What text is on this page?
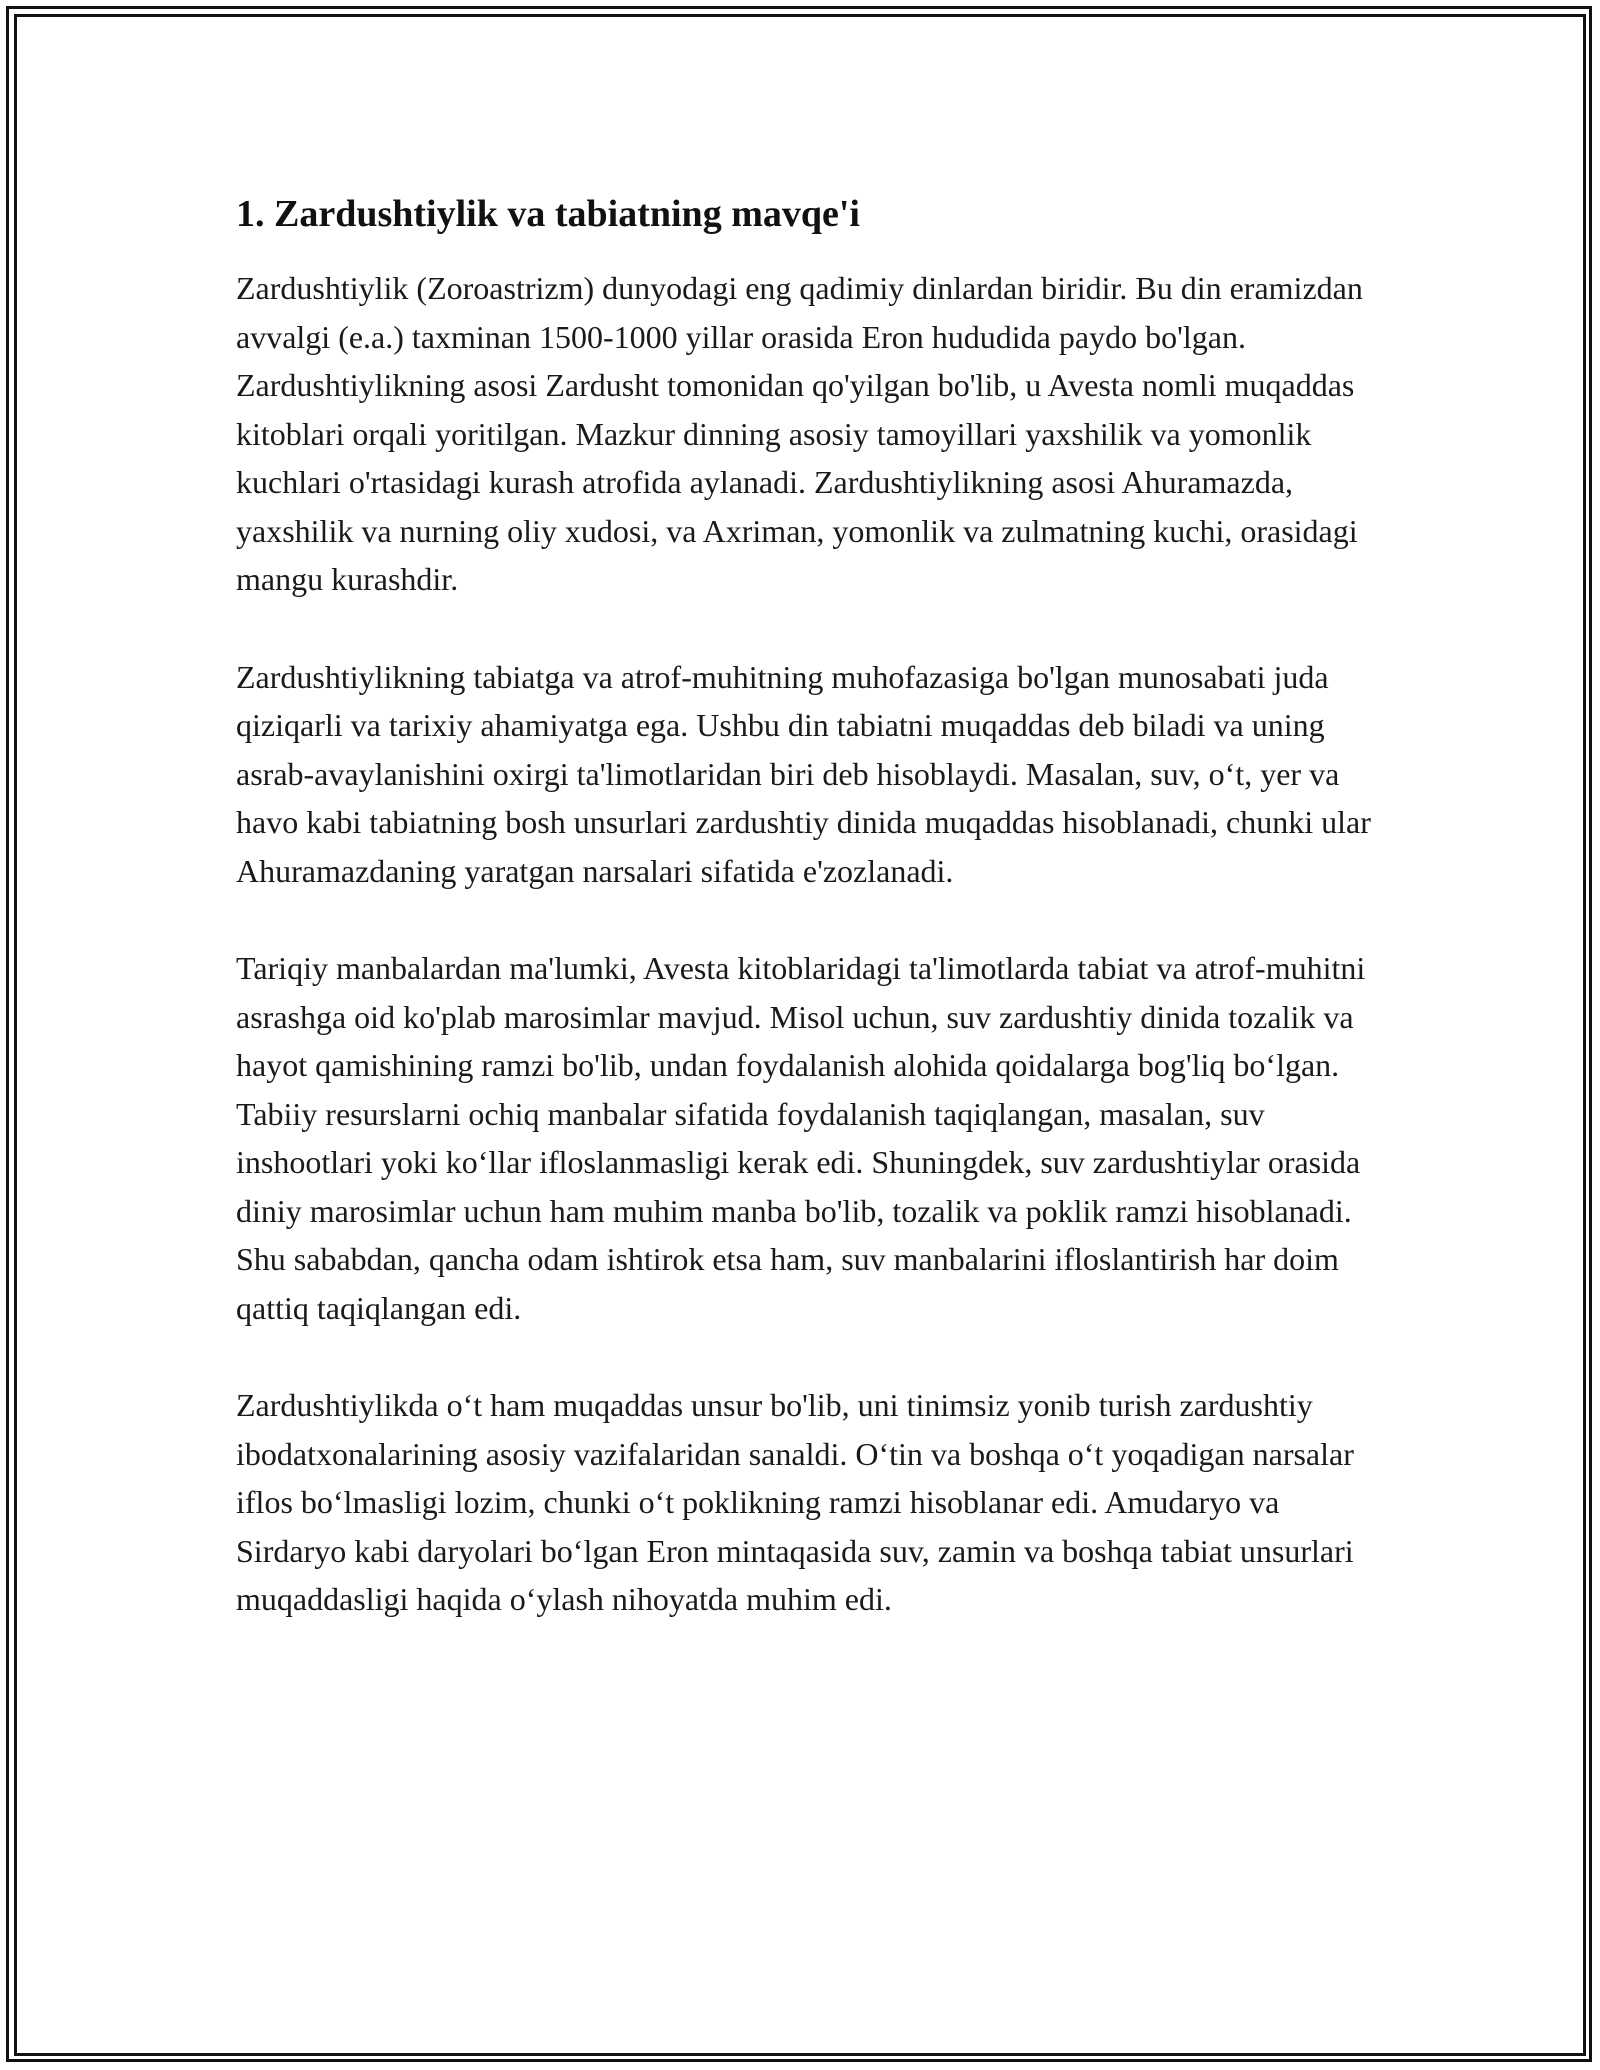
1. Zardushtiylik va tabiatning mavqe'i

Zardushtiylik (Zoroastrizm) dunyodagi eng qadimiy dinlardan biridir. Bu din eramizdan avvalgi (e.a.) taxminan 1500-1000 yillar orasida Eron hududida paydo bo'lgan. Zardushtiylikning asosi Zardusht tomonidan qo'yilgan bo'lib, u Avesta nomli muqaddas kitoblari orqali yoritilgan. Mazkur dinning asosiy tamoyillari yaxshilik va yomonlik kuchlari o'rtasidagi kurash atrofida aylanadi. Zardushtiylikning asosi Ahuramazda, yaxshilik va nurning oliy xudosi, va Axriman, yomonlik va zulmatning kuchi, orasidagi mangu kurashdir.

Zardushtiylikning tabiatga va atrof-muhitning muhofazasiga bo'lgan munosabati juda qiziqarli va tarixiy ahamiyatga ega. Ushbu din tabiatni muqaddas deb biladi va uning asrab-avaylanishini oxirgi ta'limotlaridan biri deb hisoblaydi. Masalan, suv, oʻt, yer va havo kabi tabiatning bosh unsurlari zardushtiy dinida muqaddas hisoblanadi, chunki ular Ahuramazdaning yaratgan narsalari sifatida e'zozlanadi.

Tariqiy manbalardan ma'lumki, Avesta kitoblaridagi ta'limotlarda tabiat va atrof-muhitni asrashga oid ko'plab marosimlar mavjud. Misol uchun, suv zardushtiy dinida tozalik va hayot qamishining ramzi bo'lib, undan foydalanish alohida qoidalarga bog'liq boʻlgan. Tabiiy resurslarni ochiq manbalar sifatida foydalanish taqiqlangan, masalan, suv inshootlari yoki koʻllar ifloslanmasligi kerak edi. Shuningdek, suv zardushtiylar orasida diniy marosimlar uchun ham muhim manba bo'lib, tozalik va poklik ramzi hisoblanadi. Shu sababdan, qancha odam ishtirok etsa ham, suv manbalarini ifloslantirish har doim qattiq taqiqlangan edi.

Zardushtiylikda oʻt ham muqaddas unsur bo'lib, uni tinimsiz yonib turish zardushtiy ibodatxonalarining asosiy vazifalaridan sanaldi. Oʻtin va boshqa oʻt yoqadigan narsalar iflos boʻlmasligi lozim, chunki oʻt poklikning ramzi hisoblanar edi. Amudaryo va Sirdaryo kabi daryolari boʻlgan Eron mintaqasida suv, zamin va boshqa tabiat unsurlari muqaddasligi haqida oʻylash nihoyatda muhim edi.
